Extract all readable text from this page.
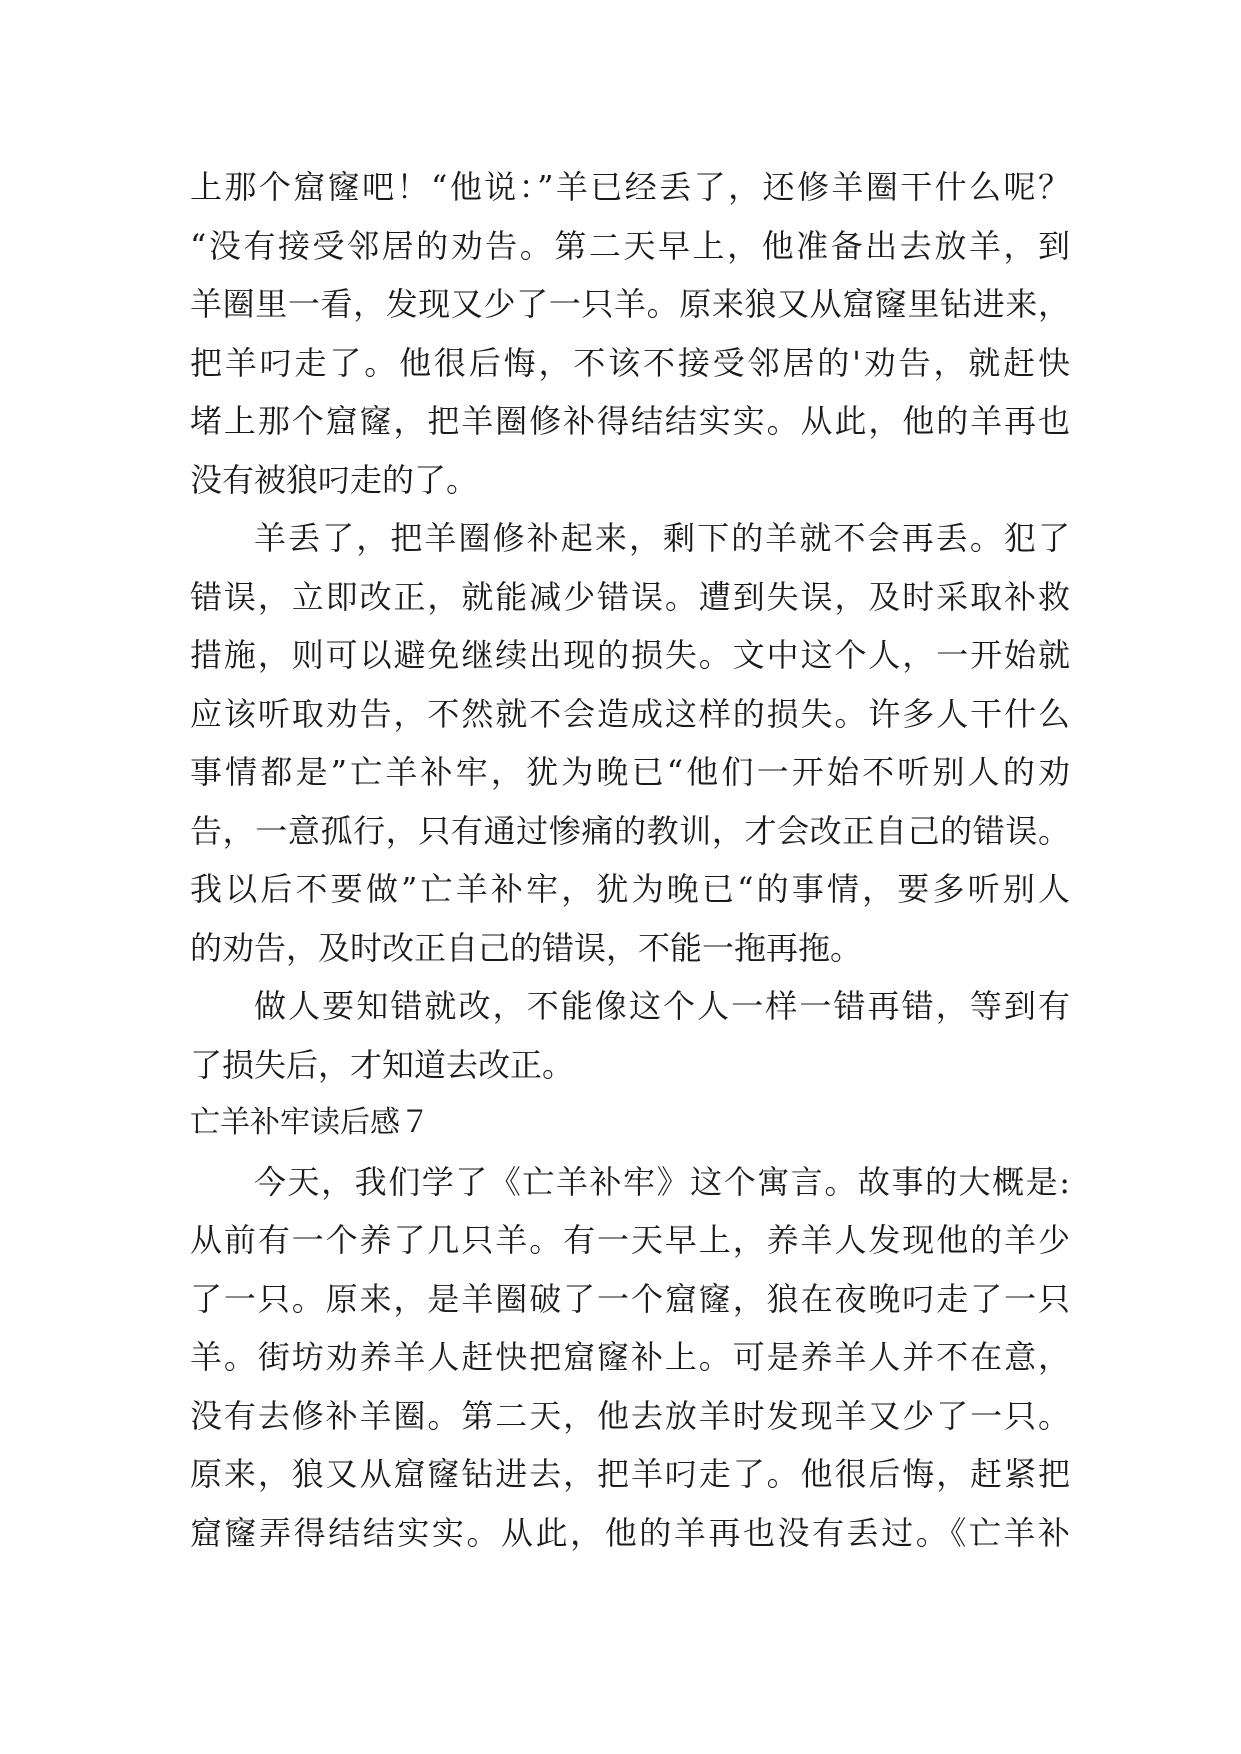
上那个窟窿吧！“他说：”羊已经丢了，还修羊圈干什么呢？
“没有接受邻居的劝告。第二天早上，他准备出去放羊，到
羊圈里一看，发现又少了一只羊。原来狼又从窟窿里钻进来，
把羊叼走了。他很后悔，不该不接受邻居的'劝告，就赶快
堵上那个窟窿，把羊圈修补得结结实实。从此，他的羊再也
没有被狼叼走的了。
羊丢了，把羊圈修补起来，剩下的羊就不会再丢。犯了
错误，立即改正，就能减少错误。遭到失误，及时采取补救
措施，则可以避免继续出现的损失。文中这个人，一开始就
应该听取劝告，不然就不会造成这样的损失。许多人干什么
事情都是”亡羊补牢，犹为晚已“他们一开始不听别人的劝
告，一意孤行，只有通过惨痛的教训，才会改正自己的错误。
我以后不要做”亡羊补牢，犹为晚已“的事情，要多听别人
的劝告，及时改正自己的错误，不能一拖再拖。
做人要知错就改，不能像这个人一样一错再错，等到有
了损失后，才知道去改正。
亡羊补牢读后感７
今天，我们学了《亡羊补牢》这个寓言。故事的大概是:
从前有一个养了几只羊。有一天早上，养羊人发现他的羊少
了一只。原来，是羊圈破了一个窟窿，狼在夜晚叼走了一只
羊。街坊劝养羊人赶快把窟窿补上。可是养羊人并不在意，
没有去修补羊圈。第二天，他去放羊时发现羊又少了一只。
原来，狼又从窟窿钻进去，把羊叼走了。他很后悔，赶紧把
窟窿弄得结结实实。从此，他的羊再也没有丢过。《亡羊补
